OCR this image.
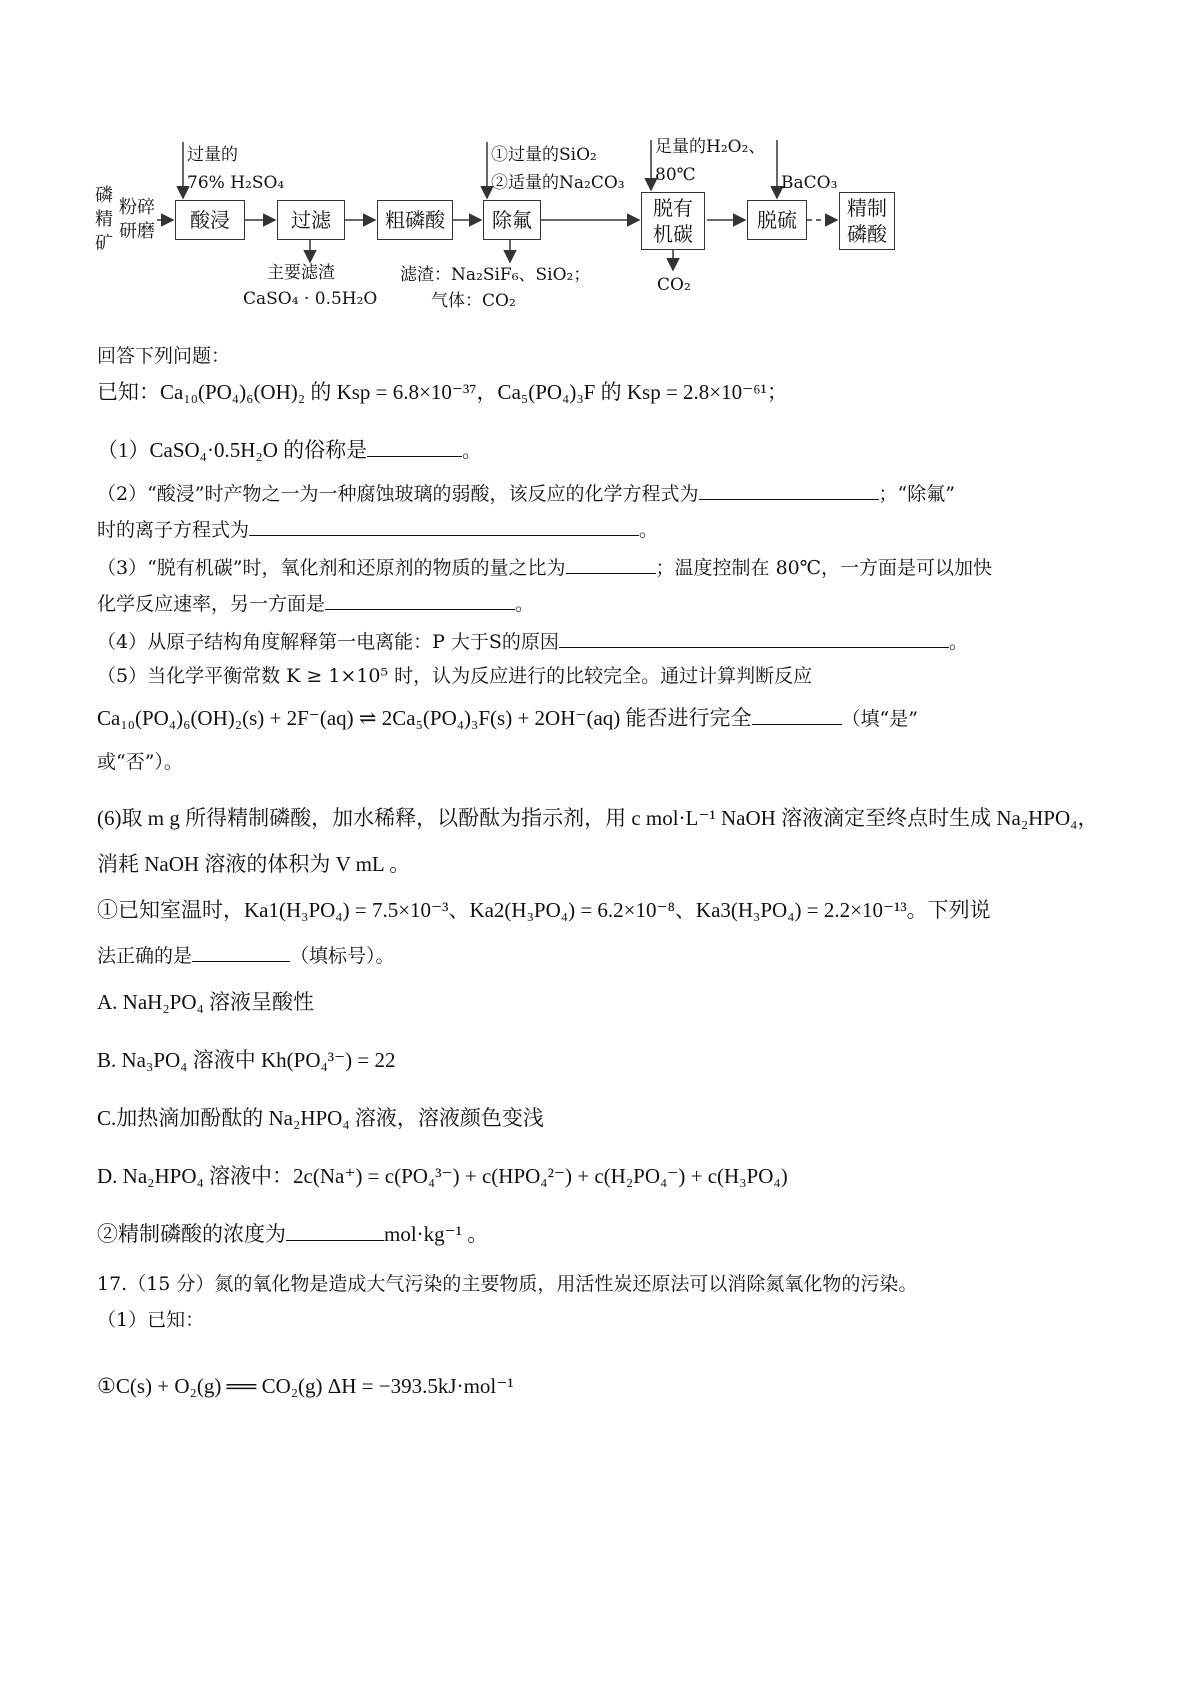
磷精矿
粉碎研磨
过量的
76% H₂SO₄
酸浸	过滤
主要滤渣
CaSO₄ · 0.5H₂O
粗磷酸
①过量的SiO₂
②适量的Na₂CO₃
除氟
滤渣：Na₂SiF₆、SiO₂；
气体：CO₂
足量的H₂O₂、
80℃
脱有机碳
CO₂
BaCO₃
脱硫	精制磷酸
回答下列问题：
已知：Ca₁₀(PO₄)₆(OH)₂ 的 Ksp = 6.8×10⁻³⁷，Ca₅(PO₄)₃F 的 Ksp = 2.8×10⁻⁶¹；
（1）CaSO₄·0.5H₂O 的俗称是	。
（2）“酸浸”时产物之一为一种腐蚀玻璃的弱酸，该反应的化学方程式为	；“除氟”
时的离子方程式为	。
（3）“脱有机碳”时，氧化剂和还原剂的物质的量之比为	；温度控制在 80℃，一方面是可以加快
化学反应速率，另一方面是	。
（4）从原子结构角度解释第一电离能：P 大于S的原因	。
（5）当化学平衡常数 K ≥ 1×10⁵ 时，认为反应进行的比较完全。通过计算判断反应
Ca₁₀(PO₄)₆(OH)₂(s) + 2F⁻(aq) ⇌ 2Ca₅(PO₄)₃F(s) + 2OH⁻(aq) 能否进行完全	（填“是”
或“否”）。
(6)取 m g 所得精制磷酸，加水稀释，以酚酞为指示剂，用 c mol·L⁻¹ NaOH 溶液滴定至终点时生成 Na₂HPO₄，
消耗 NaOH 溶液的体积为 V mL 。
①已知室温时，Ka1(H₃PO₄) = 7.5×10⁻³、Ka2(H₃PO₄) = 6.2×10⁻⁸、Ka3(H₃PO₄) = 2.2×10⁻¹³。下列说
法正确的是	（填标号）。
A. NaH₂PO₄ 溶液呈酸性
B. Na₃PO₄ 溶液中 Kh(PO₄³⁻) = 22
C.加热滴加酚酞的 Na₂HPO₄ 溶液，溶液颜色变浅
D. Na₂HPO₄ 溶液中：2c(Na⁺) = c(PO₄³⁻) + c(HPO₄²⁻) + c(H₂PO₄⁻) + c(H₃PO₄)
②精制磷酸的浓度为	mol·kg⁻¹ 。
17.（15 分）氮的氧化物是造成大气污染的主要物质，用活性炭还原法可以消除氮氧化物的污染。
（1）已知：
①C(s) + O₂(g) ══ CO₂(g) ΔH = −393.5kJ·mol⁻¹
